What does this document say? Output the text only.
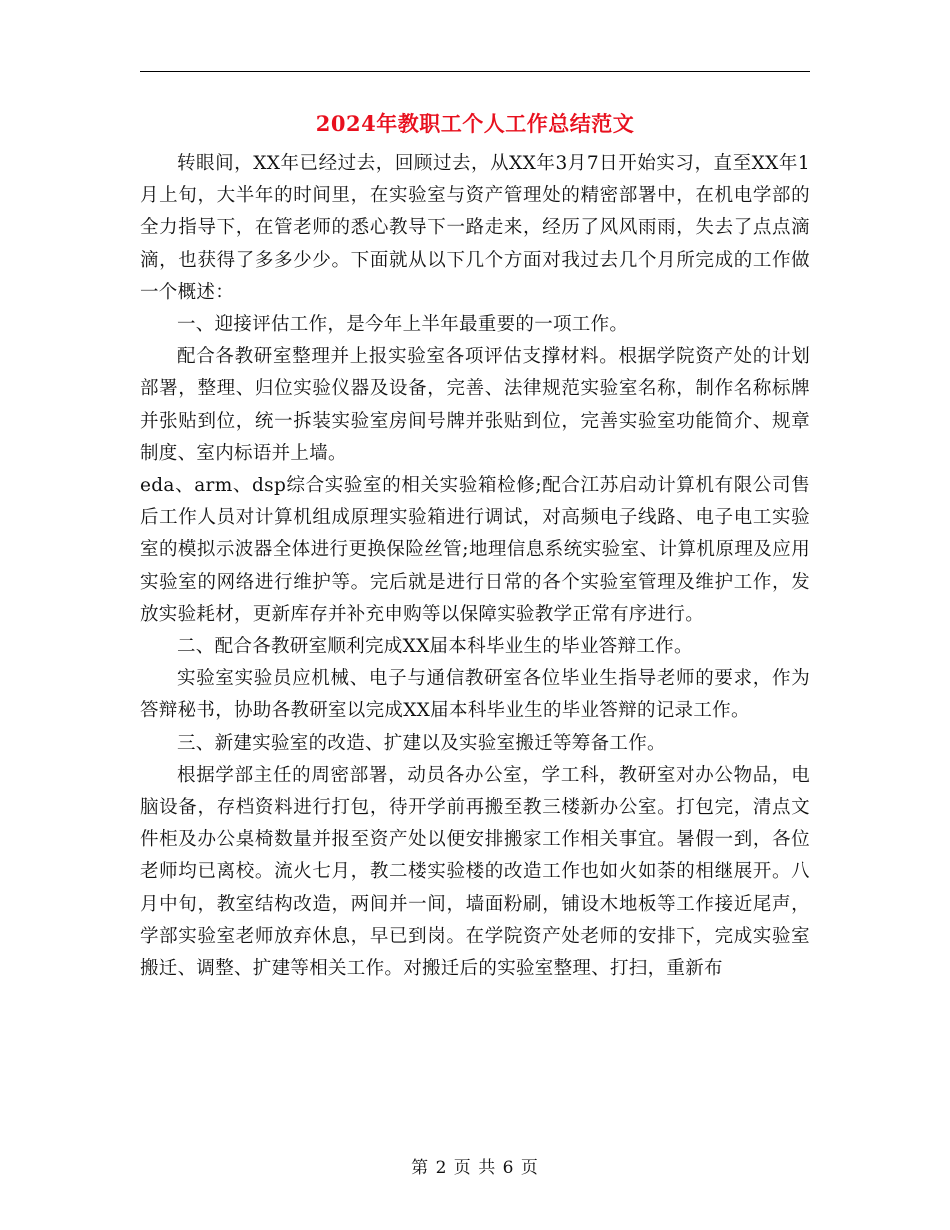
2024年教职工个人工作总结范文

转眼间，XX年已经过去，回顾过去，从XX年3月7日开始实习，直至XX年1月上旬，大半年的时间里，在实验室与资产管理处的精密部署中，在机电学部的全力指导下，在管老师的悉心教导下一路走来，经历了风风雨雨，失去了点点滴滴，也获得了多多少少。下面就从以下几个方面对我过去几个月所完成的工作做一个概述：

一、迎接评估工作，是今年上半年最重要的一项工作。

配合各教研室整理并上报实验室各项评估支撑材料。根据学院资产处的计划部署，整理、归位实验仪器及设备，完善、法律规范实验室名称，制作名称标牌并张贴到位，统一拆装实验室房间号牌并张贴到位，完善实验室功能简介、规章制度、室内标语并上墙。

eda、arm、dsp综合实验室的相关实验箱检修;配合江苏启动计算机有限公司售后工作人员对计算机组成原理实验箱进行调试，对高频电子线路、电子电工实验室的模拟示波器全体进行更换保险丝管;地理信息系统实验室、计算机原理及应用实验室的网络进行维护等。完后就是进行日常的各个实验室管理及维护工作，发放实验耗材，更新库存并补充申购等以保障实验教学正常有序进行。

二、配合各教研室顺利完成XX届本科毕业生的毕业答辩工作。

实验室实验员应机械、电子与通信教研室各位毕业生指导老师的要求，作为答辩秘书，协助各教研室以完成XX届本科毕业生的毕业答辩的记录工作。

三、新建实验室的改造、扩建以及实验室搬迁等筹备工作。

根据学部主任的周密部署，动员各办公室，学工科，教研室对办公物品，电脑设备，存档资料进行打包，待开学前再搬至教三楼新办公室。打包完，清点文件柜及办公桌椅数量并报至资产处以便安排搬家工作相关事宜。暑假一到，各位老师均已离校。流火七月，教二楼实验楼的改造工作也如火如荼的相继展开。八月中旬，教室结构改造，两间并一间，墙面粉刷，铺设木地板等工作接近尾声，学部实验室老师放弃休息，早已到岗。在学院资产处老师的安排下，完成实验室搬迁、调整、扩建等相关工作。对搬迁后的实验室整理、打扫，重新布

第 2 页 共 6 页
